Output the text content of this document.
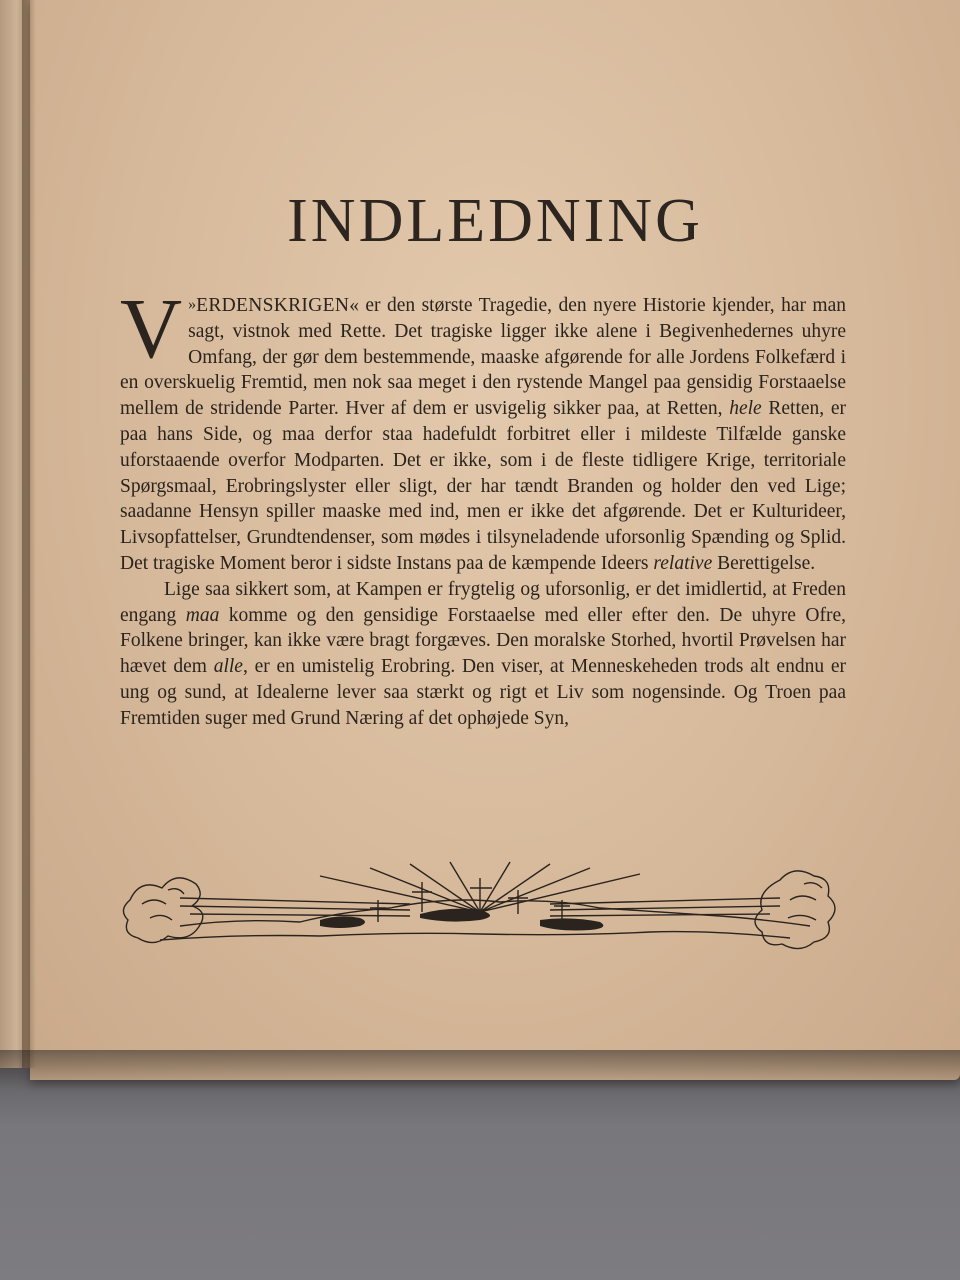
INDLEDNING

»
V ERDENSKRIGEN« er den største Tragedie, den nyere Historie kjender, har man sagt, vistnok med Rette. Det tragiske ligger ikke alene i Begivenhedernes uhyre Omfang, der gør dem bestemmende, maaske afgørende for alle Jordens Folkefærd i en overskuelig Fremtid, men nok saa meget i den rystende Mangel paa gensidig Forstaaelse mellem de stridende Parter. Hver af dem er usvigelig sikker paa, at Retten, hele Retten, er paa hans Side, og maa derfor staa hadefuldt forbitret eller i mildeste Tilfælde ganske uforstaaende overfor Modparten. Det er ikke, som i de fleste tidligere Krige, territoriale Spørgsmaal, Erobringslyster eller sligt, der har tændt Branden og holder den ved Lige; saadanne Hensyn spiller maaske med ind, men er ikke det afgørende. Det er Kulturideer, Livsopfattelser, Grundtendenser, som mødes i tilsyneladende uforsonlig Spænding og Splid. Det tragiske Moment beror i sidste Instans paa de kæmpende Ideers relative Berettigelse.

Lige saa sikkert som, at Kampen er frygtelig og uforsonlig, er det imidlertid, at Freden engang maa komme og den gensidige Forstaaelse med eller efter den. De uhyre Ofre, Folkene bringer, kan ikke være bragt forgæves. Den moralske Storhed, hvortil Prøvelsen har hævet dem alle, er en umistelig Erobring. Den viser, at Menneskeheden trods alt endnu er ung og sund, at Idealerne lever saa stærkt og rigt et Liv som nogensinde. Og Troen paa Fremtiden suger med Grund Næring af det ophøjede Syn,
